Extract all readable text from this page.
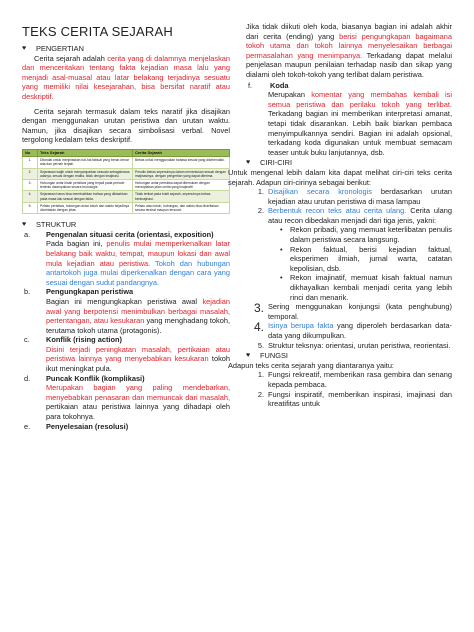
TEKS CERITA SEJARAH
♥	PENGERTIAN

Cerita sejarah adalah cerita yang di dalamnya menjelaskan dan menceritakan tentang fakta kejadian masa lalu yang menjadi asal-muasal atau latar belakang terjadinya sesuatu yang memiliki nilai kesejarahan, bisa bersifat naratif atau deskriptif.

Cerita sejarah termasuk dalam teks naratif jika disajikan dengan menggunakan urutan peristiwa dan urutan waktu. Namun, jika disajikan secara simbolisasi verbal. Novel tergolong kedalam teks deskriptif.

No	Teks Sejarah	Cerita Sejarah
1.	Ditandai untuk menjelaskan hal-hal faktual yang benar-benar ada dan pernah terjadi.	Bebas untuk menggunakan bahasa sesuai yang dikehendaki.
2.	Sejarawan wajib untuk menyampaikan sesuatu sebagaimana adanya, sesuai dengan realita, tidak dengan imajinasi.	Penulis bebas sepenuhnya dalam menentukan sesuai dengan imajinasinya, dengan pengertian yang dapat diterima.
3.	Hubungan antar kisah peristiwa yang terjadi pada periode tertentu disampaikan secara kronologis.	Hubungan antar peristiwa dapat ditemukan dengan menciptakan jalan cerita yang imajinatif.
4.	Sejarawan harus bisa membuktikan bahwa yang dikisahkan pada masa lalu sesuai dengan fakta.	Tidak terikat pada bukti sejarah, sepenuhnya bebas berimajinasi.
5.	Pelaku peristiwa, hubungan antar tokoh dan waktu terjadinya diceritakan dengan jelas.	Pelaku atau tokoh, hubungan, dan waktu bisa diceritakan secara tersirat maupun tersurat.
♥	STRUKTUR
a.	Pengenalan situasi cerita (orientasi, exposition)
Pada bagian ini, penulis mulai memperkenalkan latar belakang baik waktu, tempat, maupun lokasi dan awal mula kejadian atau peristiwa. Tokoh dan hubungan antartokoh juga mulai diperkenalkan dengan cara yang sesuai dengan sudut pandangnya.
b.	Pengungkapan peristiwa
Bagian ini mengungkapkan peristiwa awal kejadian awal yang berpotensi menimbulkan berbagai masalah, pertentangan, atau kesukaran yang menghadang tokoh, terutama tokoh utama (protagonis).
c.	Konflik (rising action)
Disini terjadi peningkatan masalah, pertikaian atau peristiwa lainnya yang menyebabkan kesukaran tokoh ikut meningkat pula.
d.	Puncak Konflik (komplikasi)
Merupakan bagian yang paling mendebarkan, menyebabkan penasaran dan memuncak dari masalah, pertikaian atau peristiwa lainnya yang dihadapi oleh para tokohnya.
e.	Penyelesaian (resolusi)

Jika tidak diikuti oleh koda, biasanya bagian ini adalah akhir dari cerita (ending) yang berisi pengungkapan bagaimana tokoh utama dan tokoh lainnya menyelesaikan berbagai permasalahan yang menimpanya. Terkadang dapat melalui penjelasan maupun penilaian terhadap nasib dan sikap yang dialami oleh tokoh-tokoh yang terlibat dalam peristiwa.

f.	Koda

Merupakan komentar yang membahas kembali isi semua peristiwa dan perilaku tokoh yang terlibat. Terkadang bagian ini memberikan interpretasi amanat, tetapi tidak disarankan. Lebih baik biarkan pembaca menyimpulkannya sendiri. Bagian ini adalah opsional, terkadang koda digunakan untuk membuat semacam teaser untuk buku lanjutannya, dsb.

♥	CIRI-CIRI

Untuk mengenal lebih dalam kita dapat melihat ciri-ciri teks cerita sejarah. Adapun ciri-cirinya sebagai berikut:

1. Disajikan secara kronologis berdasarkan urutan kejadian atau urutan peristiwa di masa lampau
2. Berbentuk recon teks atau cerita ulang. Cerita ulang atau recon dibedakan menjadi dari tiga jenis, yakni:
•	Rekon pribadi, yang memuat keterlibatan penulis dalam peristiwa secara langsung.
•	Rekon faktual, berisi kejadian faktual, eksperimen ilmiah, jurnal warta, catatan kepolisian, dsb.
•	Rekon imajinatif, memuat kisah faktual namun dikhayalkan kembali menjadi cerita yang lebih rinci dan menarik.
3. Sering menggunakan konjungsi (kata penghubung) temporal.
4. Isinya berupa fakta yang diperoleh berdasarkan data-data yang dikumpulkan.
5. Struktur teksnya: orientasi, urutan peristiwa, reorientasi.
♥	FUNGSI

Adapun teks cerita sejarah yang diantaranya yaitu:

1. Fungsi rekreatif, memberikan rasa gembira dan senang kepada pembaca.
2. Fungsi inspiratif, memberikan inspirasi, imajinasi dan kreatifitas untuk
